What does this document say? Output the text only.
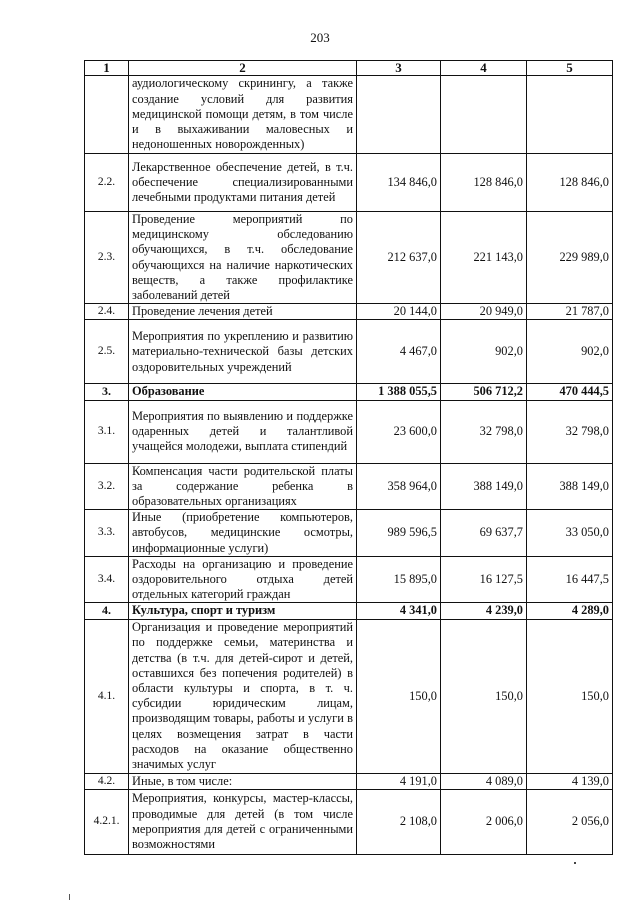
203
1	2	3	4	5
	аудиологическому скринингу, а также создание условий для развития медицинской помощи детям, в том числе и в выхаживании маловесных и недоношенных новорожденных)			
2.2.	Лекарственное обеспечение детей, в т.ч. обеспечение специализированными лечебными продуктами питания детей	134 846,0	128 846,0	128 846,0
2.3.	Проведение мероприятий по медицинскому обследованию обучающихся, в т.ч. обследование обучающихся на наличие наркотических веществ, а также профилактике заболеваний детей	212 637,0	221 143,0	229 989,0
2.4.	Проведение лечения детей	20 144,0	20 949,0	21 787,0
2.5.	Мероприятия по укреплению и развитию материально-технической базы детских оздоровительных учреждений	4 467,0	902,0	902,0
3.	Образование	1 388 055,5	506 712,2	470 444,5
3.1.	Мероприятия по выявлению и поддержке одаренных детей и талантливой учащейся молодежи, выплата стипендий	23 600,0	32 798,0	32 798,0
3.2.	Компенсация части родительской платы за содержание ребенка в образовательных организациях	358 964,0	388 149,0	388 149,0
3.3.	Иные (приобретение компьютеров, автобусов, медицинские осмотры, информационные услуги)	989 596,5	69 637,7	33 050,0
3.4.	Расходы на организацию и проведение оздоровительного отдыха детей отдельных категорий граждан	15 895,0	16 127,5	16 447,5
4.	Культура, спорт и туризм	4 341,0	4 239,0	4 289,0
4.1.	Организация и проведение мероприятий по поддержке семьи, материнства и детства (в т.ч. для детей-сирот и детей, оставшихся без попечения родителей) в области культуры и спорта, в т. ч. субсидии юридическим лицам, производящим товары, работы и услуги в целях возмещения затрат в части расходов на оказание общественно значимых услуг	150,0	150,0	150,0
4.2.	Иные, в том числе:	4 191,0	4 089,0	4 139,0
4.2.1.	Мероприятия, конкурсы, мастер-классы, проводимые для детей (в том числе мероприятия для детей с ограниченными возможностями	2 108,0	2 006,0	2 056,0
